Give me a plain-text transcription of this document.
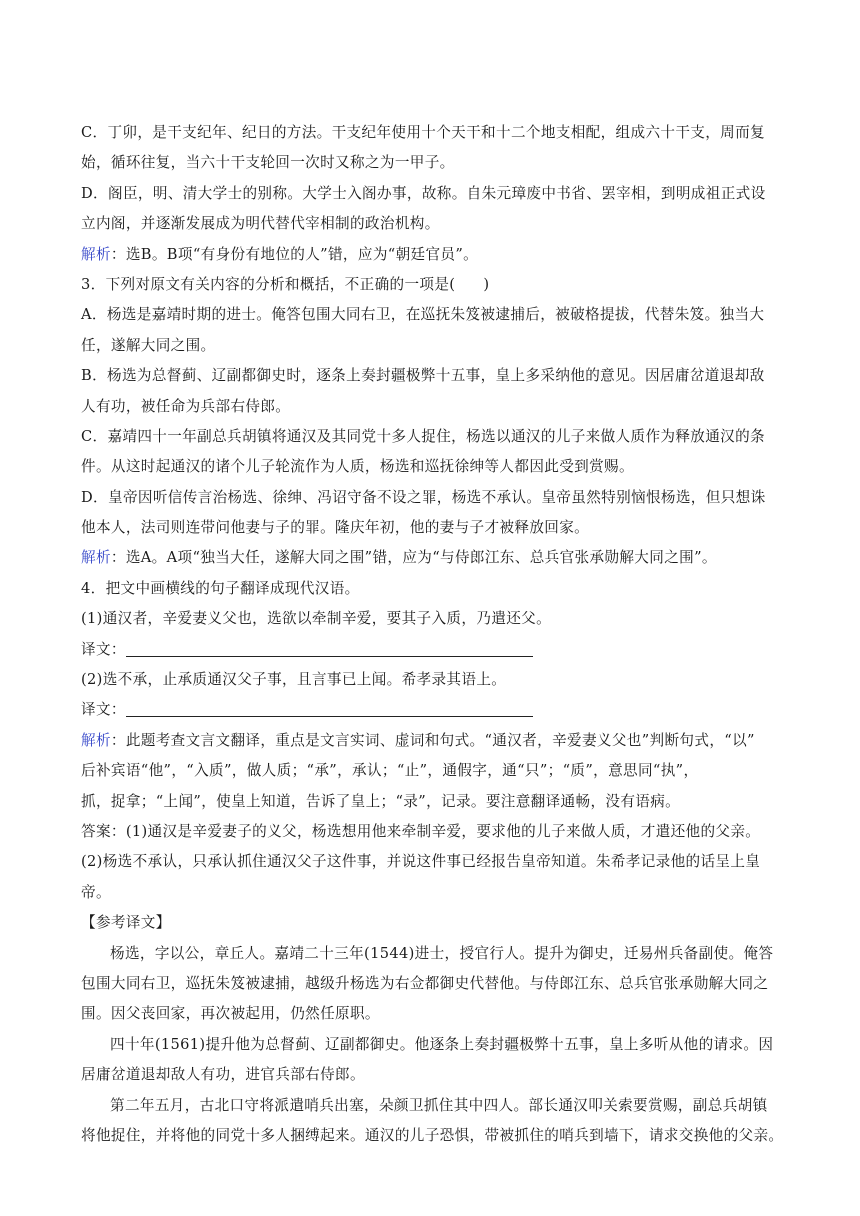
C．丁卯，是干支纪年、纪日的方法。干支纪年使用十个天干和十二个地支相配，组成六十干支，周而复
始，循环往复，当六十干支轮回一次时又称之为一甲子。
D．阁臣，明、清大学士的别称。大学士入阁办事，故称。自朱元璋废中书省、罢宰相，到明成祖正式设
立内阁，并逐渐发展成为明代替代宰相制的政治机构。
解析：选B。B项“有身份有地位的人”错，应为“朝廷官员”。
3．下列对原文有关内容的分析和概括，不正确的一项是( )
A．杨选是嘉靖时期的进士。俺答包围大同右卫，在巡抚朱笈被逮捕后，被破格提拔，代替朱笈。独当大
任，遂解大同之围。
B．杨选为总督蓟、辽副都御史时，逐条上奏封疆极弊十五事，皇上多采纳他的意见。因居庸岔道退却敌
人有功，被任命为兵部右侍郎。
C．嘉靖四十一年副总兵胡镇将通汉及其同党十多人捉住，杨选以通汉的儿子来做人质作为释放通汉的条
件。从这时起通汉的诸个儿子轮流作为人质，杨选和巡抚徐绅等人都因此受到赏赐。
D．皇帝因听信传言治杨选、徐绅、冯诏守备不设之罪，杨选不承认。皇帝虽然特别恼恨杨选，但只想诛
他本人，法司则连带问他妻与子的罪。隆庆年初，他的妻与子才被释放回家。
解析：选A。A项“独当大任，遂解大同之围”错，应为“与侍郎江东、总兵官张承勋解大同之围”。
4．把文中画横线的句子翻译成现代汉语。
(1)通汉者，辛爱妻义父也，选欲以牵制辛爱，要其子入质，乃遣还父。
译文：
(2)选不承，止承质通汉父子事，且言事已上闻。希孝录其语上。
译文：
解析：此题考查文言文翻译，重点是文言实词、虚词和句式。“通汉者，辛爱妻义父也”判断句式，“以”
后补宾语“他”，“入质”，做人质；“承”，承认；“止”，通假字，通“只”；“质”，意思同“执”，
抓，捉拿；“上闻”，使皇上知道，告诉了皇上；“录”，记录。要注意翻译通畅，没有语病。
答案：(1)通汉是辛爱妻子的义父，杨选想用他来牵制辛爱，要求他的儿子来做人质，才遣还他的父亲。
(2)杨选不承认，只承认抓住通汉父子这件事，并说这件事已经报告皇帝知道。朱希孝记录他的话呈上皇
帝。
【参考译文】
杨选，字以公，章丘人。嘉靖二十三年(1544)进士，授官行人。提升为御史，迁易州兵备副使。俺答
包围大同右卫，巡抚朱笈被逮捕，越级升杨选为右佥都御史代替他。与侍郎江东、总兵官张承勋解大同之
围。因父丧回家，再次被起用，仍然任原职。
四十年(1561)提升他为总督蓟、辽副都御史。他逐条上奏封疆极弊十五事，皇上多听从他的请求。因
居庸岔道退却敌人有功，进官兵部右侍郎。
第二年五月，古北口守将派遣哨兵出塞，朵颜卫抓住其中四人。部长通汉叩关索要赏赐，副总兵胡镇
将他捉住，并将他的同党十多人捆缚起来。通汉的儿子恐惧，带被抓住的哨兵到墙下，请求交换他的父亲。
